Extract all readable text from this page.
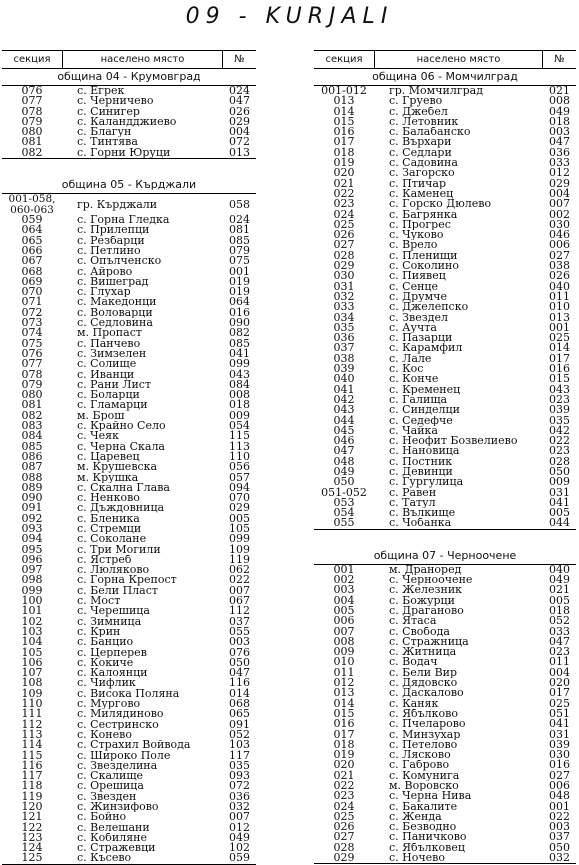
09 - KURJALI
секция	населено място	№
община 04 - Крумовград
076	с. Егрек	024
077	с. Черничево	047
078	с. Синигер	026
079	с. Каландджиево	029
080	с. Благун	004
081	с. Тинтява	072
082	с. Горни Юруци	013
община 05 - Кърджали
001-058, 060-063	гр. Кърджали	058
059	с. Горна Гледка	024
064	с. Прилепци	081
065	с. Резбарци	085
066	с. Петлино	079
067	с. Опълченско	075
068	с. Айрово	001
069	с. Вишеград	019
070	с. Глухар	019
071	с. Македонци	064
072	с. Воловарци	016
073	с. Седловина	090
074	м. Пропаст	082
075	с. Панчево	085
076	с. Зимзелен	041
077	с. Солище	099
078	с. Иванци	043
079	с. Рани Лист	084
080	с. Боларци	008
081	с. Гламарци	018
082	м. Брош	009
083	с. Крайно Село	054
084	с. Чеяк	115
085	с. Черна Скала	113
086	с. Царевец	110
087	м. Крушевска	056
088	м. Крушка	057
089	с. Скална Глава	094
090	с. Ненково	070
091	с. Дъждовница	029
092	с. Бленика	005
093	с. Стремци	105
094	с. Соколане	099
095	с. Три Могили	109
096	с. Ястреб	119
097	с. Люляково	062
098	с. Горна Крепост	022
099	с. Бели Пласт	007
100	с. Мост	067
101	с. Черешица	112
102	с. Зимница	037
103	с. Крин	055
104	с. Банцио	003
105	с. Церперев	076
106	с. Кокиче	050
107	с. Калоянци	047
108	с. Чифлик	116
109	с. Висока Поляна	014
110	с. Мургово	068
111	с. Милядиново	065
112	с. Сестринско	091
113	с. Конево	052
114	с. Страхил Войвода	103
115	с. Широко Поле	117
116	с. Звезделина	035
117	с. Скалище	093
118	с. Орешица	072
119	с. Звезден	036
120	с. Жинзифово	032
121	с. Бойно	007
122	с. Велешани	012
123	с. Кобиляне	049
124	с. Стражевци	102
125	с. Късево	059
секция	населено място	№
община 06 - Момчилград
001-012	гр. Момчилград	021
013	с. Груево	008
014	с. Джебел	049
015	с. Летовник	018
016	с. Балабанско	003
017	с. Върхари	047
018	с. Седлари	036
019	с. Садовина	033
020	с. Загорско	012
021	с. Птичар	029
022	с. Каменец	004
023	с. Горско Дюлево	007
024	с. Багрянка	002
025	с. Прогрес	030
026	с. Чуково	046
027	с. Врело	006
028	с. Пленищи	027
029	с. Соколино	038
030	с. Пиявец	026
031	с. Сенце	040
032	с. Друмче	011
033	с. Джелепско	010
034	с. Звездел	013
035	с. Аучта	001
036	с. Пазарци	025
037	с. Карамфил	014
038	с. Лале	017
039	с. Кос	016
040	с. Конче	015
041	с. Кременец	043
042	с. Галища	023
043	с. Синделци	039
044	с. Седефче	035
045	с. Чайка	042
046	с. Неофит Бозвелиево	022
047	с. Нановица	023
048	с. Постник	028
049	с. Девинци	050
050	с. Гургулица	009
051-052	с. Равен	031
053	с. Татул	041
054	с. Вълкище	005
055	с. Чобанка	044
община 07 - Черноочене
001	м. Драноред	040
002	с. Черноочене	049
003	с. Железник	021
004	с. Божурци	005
005	с. Драганово	018
006	с. Ятаса	052
007	с. Свобода	033
008	с. Стражница	047
009	с. Житница	023
010	с. Водач	011
011	с. Бели Вир	004
012	с. Дядовско	020
013	с. Даскалово	017
014	с. Каняк	025
015	с. Ябълково	051
016	с. Пчеларово	041
017	с. Минзухар	031
018	с. Петелово	039
019	с. Лясково	030
020	с. Габрово	016
021	с. Комунига	027
022	м. Воровско	006
023	с. Черна Нива	048
024	с. Бакалите	001
025	с. Женда	022
026	с. Безводно	003
027	с. Паничково	037
028	с. Ябълковец	050
029	с. Ночево	032
